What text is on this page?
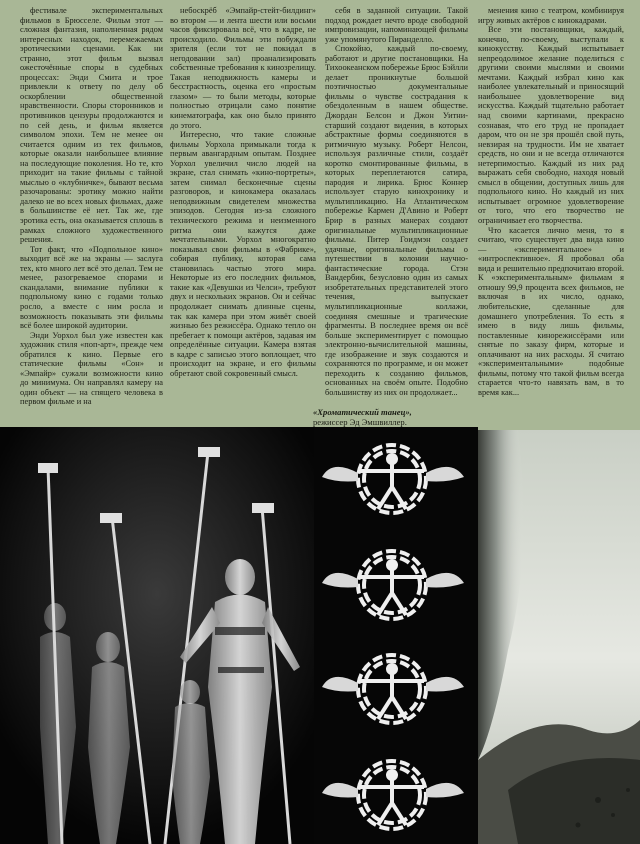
фестивале экспериментальных фильмов в Брюсселе. Фильм этот — сложная фантазия, наполненная рядом интересных находок, перемежаемых эротическими сценами. Как ни странно, этот фильм вызвал ожесточённые споры в судебных процессах: Энди Смита и трое привлекли к ответу по делу об оскорблении общественной нравственности. Споры сторонников и противников цензуры продолжаются и по сей день, и фильм является символом эпохи. Тем не менее он считается одним из тех фильмов, которые оказали наибольшее влияние на последующие поколения. Но те, кто приходит на такие фильмы с тайной мыслью о «клубничке», бывают весьма разочарованы: эротику можно найти далеко не во всех новых фильмах, даже в большинстве её нет. Так же, где эротика есть, она оказывается сплошь в рамках сложного художественного решения.

Тот факт, что «Подпольное кино» выходит всё же на экраны — заслуга тех, кто много лет всё это делал. Тем не менее, разогреваемое спорами и скандалами, внимание публики к подпольному кино с годами только росло, а вместе с ним росла и возможность показывать эти фильмы всё более широкой аудитории.

Энди Уорхол был уже известен как художник стиля «поп-арт», прежде чем обратился к кино. Первые его статические фильмы «Сон» и «Эмпайр» сужали возможности кино до минимума. Он направлял камеру на один объект — на спящего человека в первом фильме и на

небоскрёб «Эмпайр-стейт-билдинг» во втором — и лента шести или восьми часов фиксировала всё, что в кадре, не происходило. Фильмы эти побуждали зрителя (если тот не покидал в негодовании зал) проанализировать собственные требования к кинозрелищу. Такая неподвижность камеры и бесстрастность, оценка его «простым глазом» — то были методы, которые полностью отрицали само понятие кинематографа, как оно было принято до этого.

Интересно, что такие сложные фильмы Уорхола примыкали тогда к первым авангардным опытам. Позднее Уорхол увеличил число людей на экране, стал снимать «кино-портреты», затем снимал бесконечные сцены разговоров, и кинокамера оказалась неподвижным свидетелем множества эпизодов. Сегодня из-за сложного технического режима и неизменного ритма они кажутся даже мечтательными. Уорхол многократно показывал свои фильмы в «Фабрике», собирая публику, которая сама становилась частью этого мира. Некоторые из его последних фильмов, такие как «Девушки из Челси», требуют двух и нескольких экранов. Он и сейчас продолжает снимать длинные сцены, так как камера при этом живёт своей жизнью без режиссёра. Однако тепло он пребегает к помощи актёров, задавая им определённые ситуации. Камера взятая в кадре с записью этого воплощает, что происходит на экране, и его фильмы обретают свой сокровенный смысл.

себя в заданной ситуации. Такой подход рождает нечто вроде свободной импровизации, напоминающей фильмы уже упомянутого Пиранделло.

Спокойно, каждый по-своему, работают и другие постановщики. На Тихоокеанском побережье Брюс Бэйлли делает проникнутые большой поэтичностью документальные фильмы о чувстве сострадания к обездоленным в нашем обществе. Джордан Белсон и Джон Уитни-старший создают видения, в которых абстрактные формы соединяются в ритмичную музыку. Роберт Нелсон, используя различные стили, создаёт коротко смонтированные фильмы, в которых переплетаются сатира, пародия и лирика. Брюс Коннер использует старую кинохронику и мультипликацию. На Атлантическом побережье Кармен Д'Авино и Роберт Брир в разных манерах создают оригинальные мультипликационные фильмы. Питер Гоидмэн создает удачные, оригинальные фильмы о путешествии в колонии научно-фантастические города. Стэн Вандербик, безусловно один из самых изобретательных представителей этого течения, выпускает мультипликационные коллажи, соединяя смешные и трагические фрагменты. В последнее время он всё больше экспериментирует с помощью электронно-вычислительной машины, где изображение и звук создаются и сохраняются по программе, и он может переходить к созданию фильмов, основанных на своём опыте. Подобно большинству из них он продолжает...

менения кино с театром, комбинируя игру живых актёров с кинокадрами.

Все эти постановщики, каждый, конечно, по-своему, выступали к кинокусству. Каждый испытывает непреодолимое желание поделиться с другими своими мыслями и своими мечтами. Каждый избрал кино как наиболее увлекательный и приносящий наибольшее удовлетворение вид искусства. Каждый тщательно работает над своими картинами, прекрасно сознавая, что его труд не пропадает даром, что он не зря прошёл свой путь, невзирая на трудности. Им не хватает средств, но они и не всегда отличаются нетерпимостью. Каждый из них рад выражать себя свободно, находя новый смысл в общении, доступных лишь для подпольного кино. Но каждый из них испытывает огромное удовлетворение от того, что его творчество не ограничивает его творчества.

Что касается лично меня, то я считаю, что существует два вида кино — «экспериментальное» и «интроспективное». Я пробовал оба вида и решительно предпочитаю второй. К «экспериментальным» фильмам я отношу 99,9 процента всех фильмов, не включая в их число, однако, любительские, сделанные для домашнего употребления. То есть я имею в виду лишь фильмы, поставленные кинорежиссёрами или снятые по заказу фирм, которые и оплачивают на них расходы. Я считаю «экспериментальными» подобные фильмы, потому что такой фильм всегда старается что-то навязать вам, в то время как...

«Хроматический танец»,
режиссер Эд Эмшвиллер.
